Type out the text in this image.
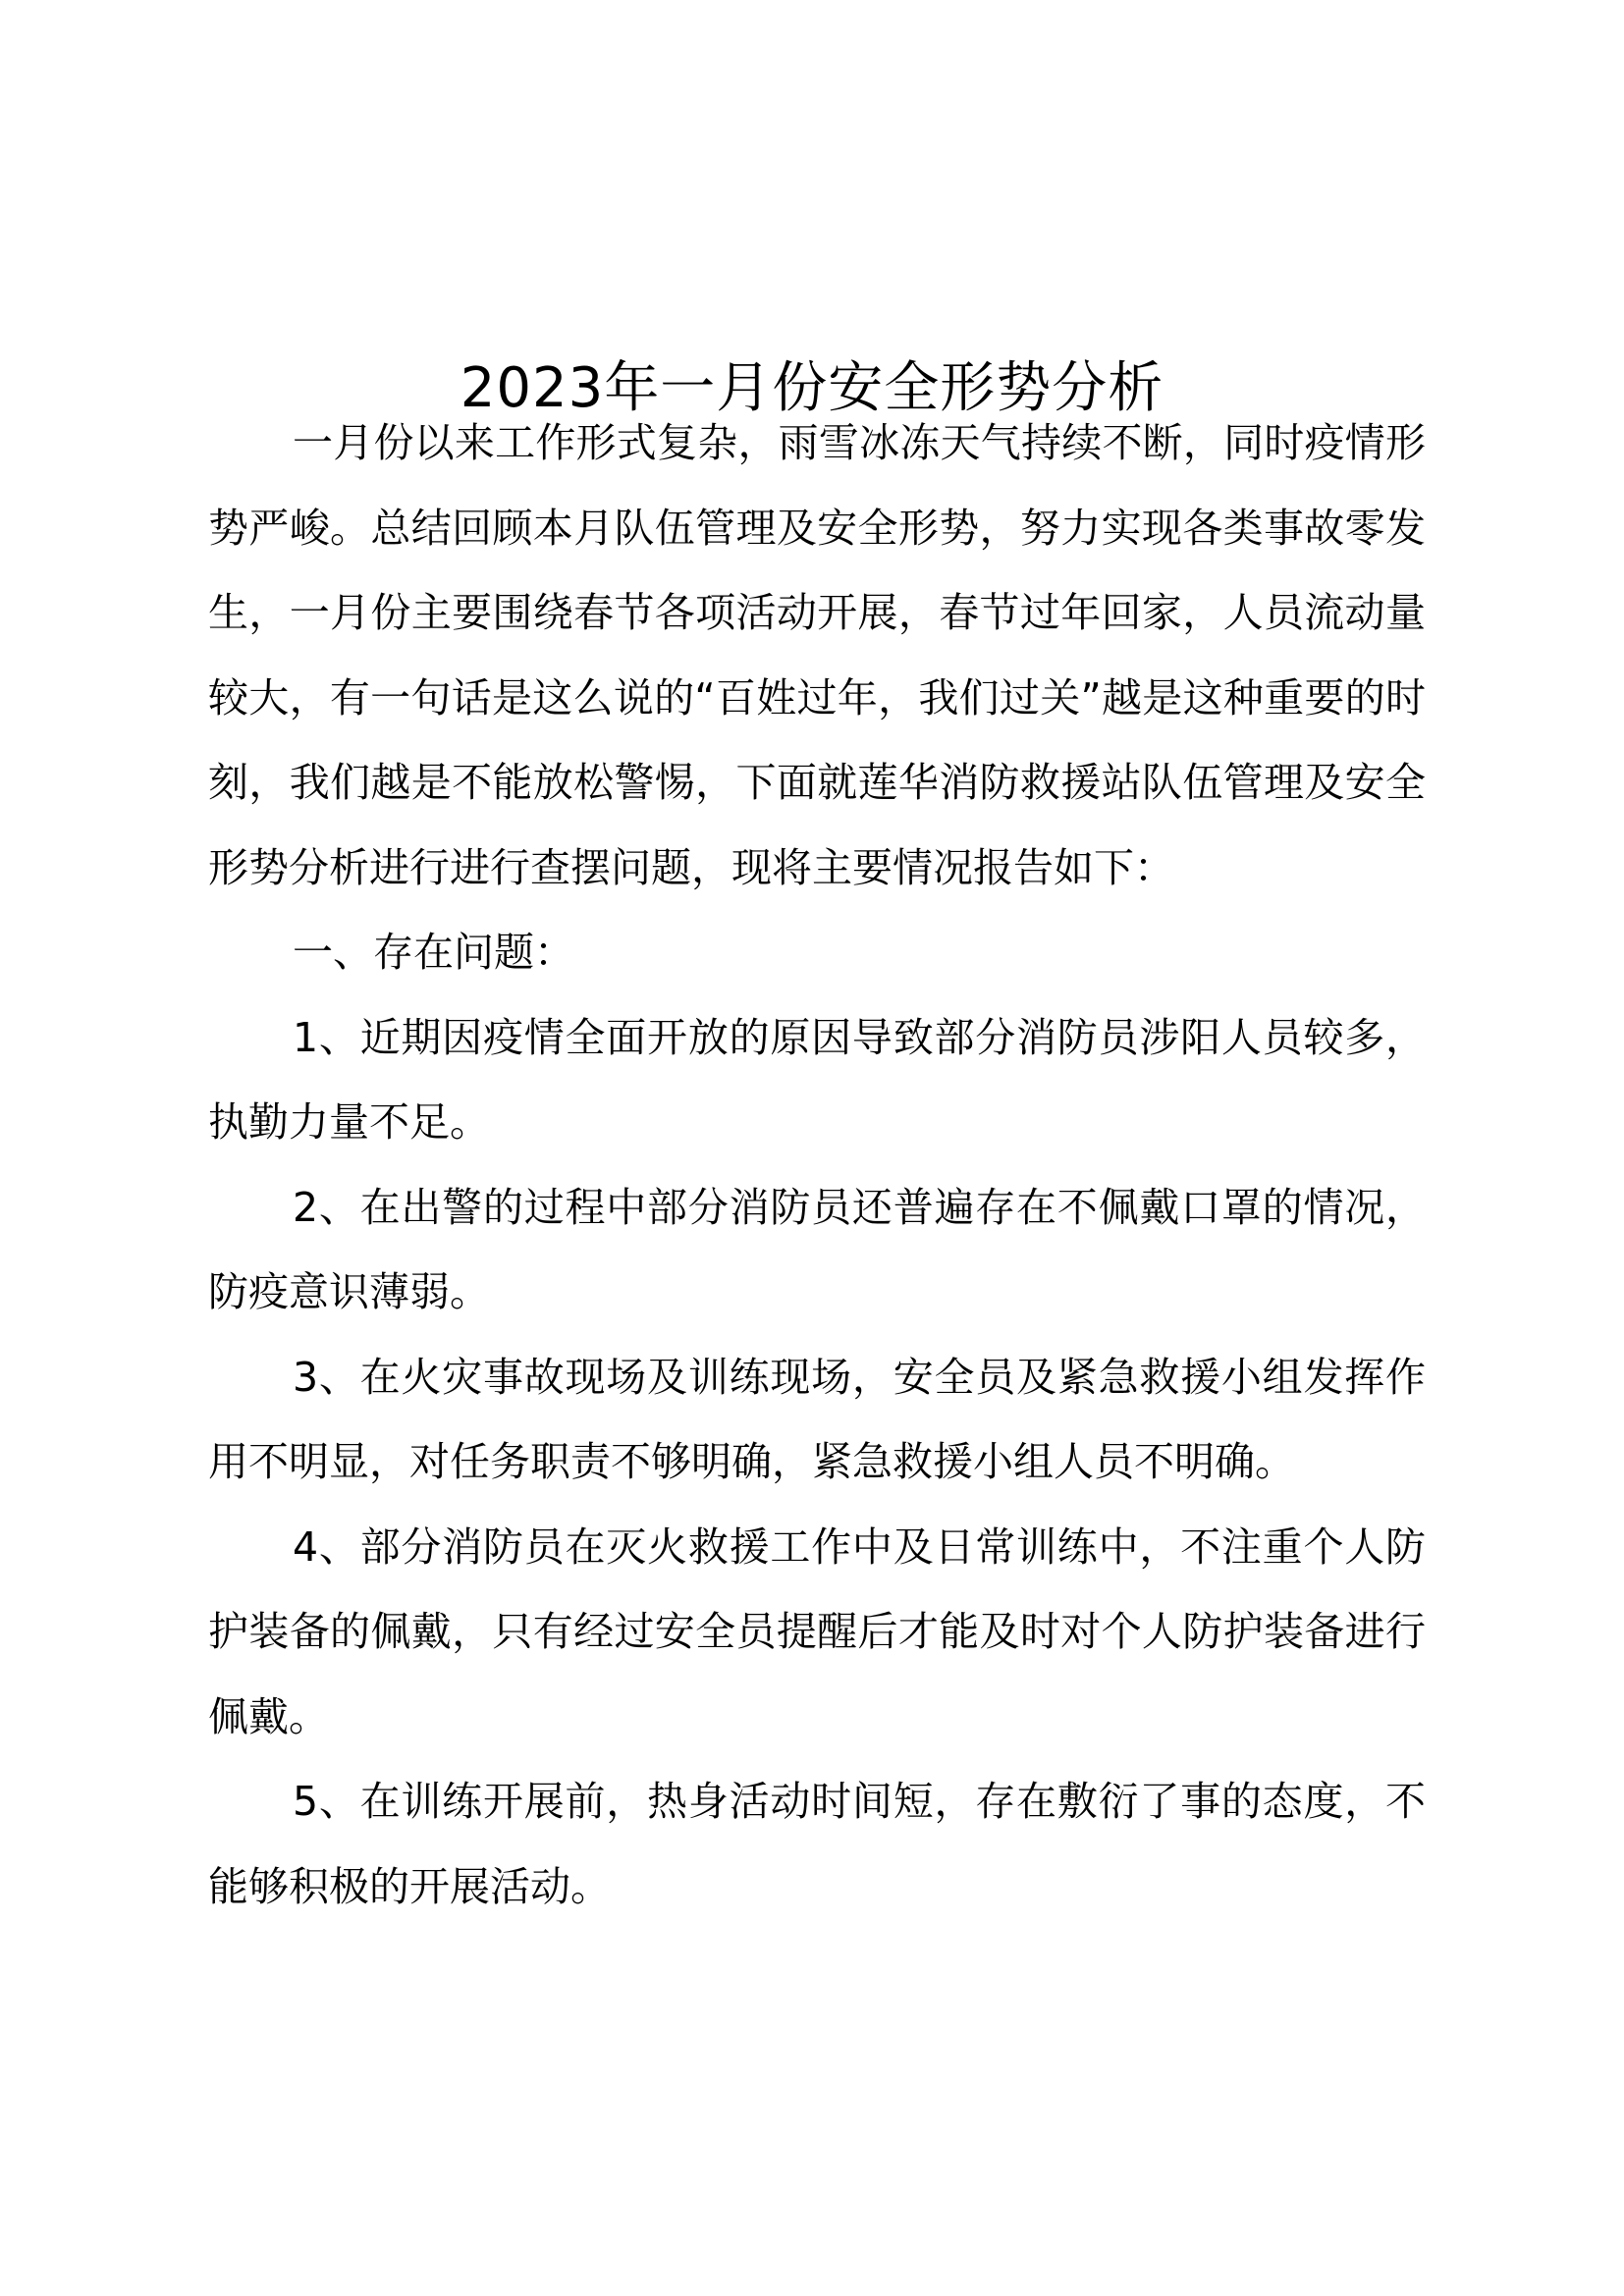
2023年一月份安全形势分析

一月份以来工作形式复杂，雨雪冰冻天气持续不断，同时疫情形势严峻。总结回顾本月队伍管理及安全形势，努力实现各类事故零发生，一月份主要围绕春节各项活动开展，春节过年回家，人员流动量较大，有一句话是这么说的“百姓过年，我们过关”越是这种重要的时刻，我们越是不能放松警惕，下面就莲华消防救援站队伍管理及安全形势分析进行进行查摆问题，现将主要情况报告如下：

一、存在问题：

1、近期因疫情全面开放的原因导致部分消防员涉阳人员较多，执勤力量不足。

2、在出警的过程中部分消防员还普遍存在不佩戴口罩的情况，防疫意识薄弱。

3、在火灾事故现场及训练现场，安全员及紧急救援小组发挥作用不明显，对任务职责不够明确，紧急救援小组人员不明确。

4、部分消防员在灭火救援工作中及日常训练中，不注重个人防护装备的佩戴，只有经过安全员提醒后才能及时对个人防护装备进行佩戴。

5、在训练开展前，热身活动时间短，存在敷衍了事的态度，不能够积极的开展活动。
